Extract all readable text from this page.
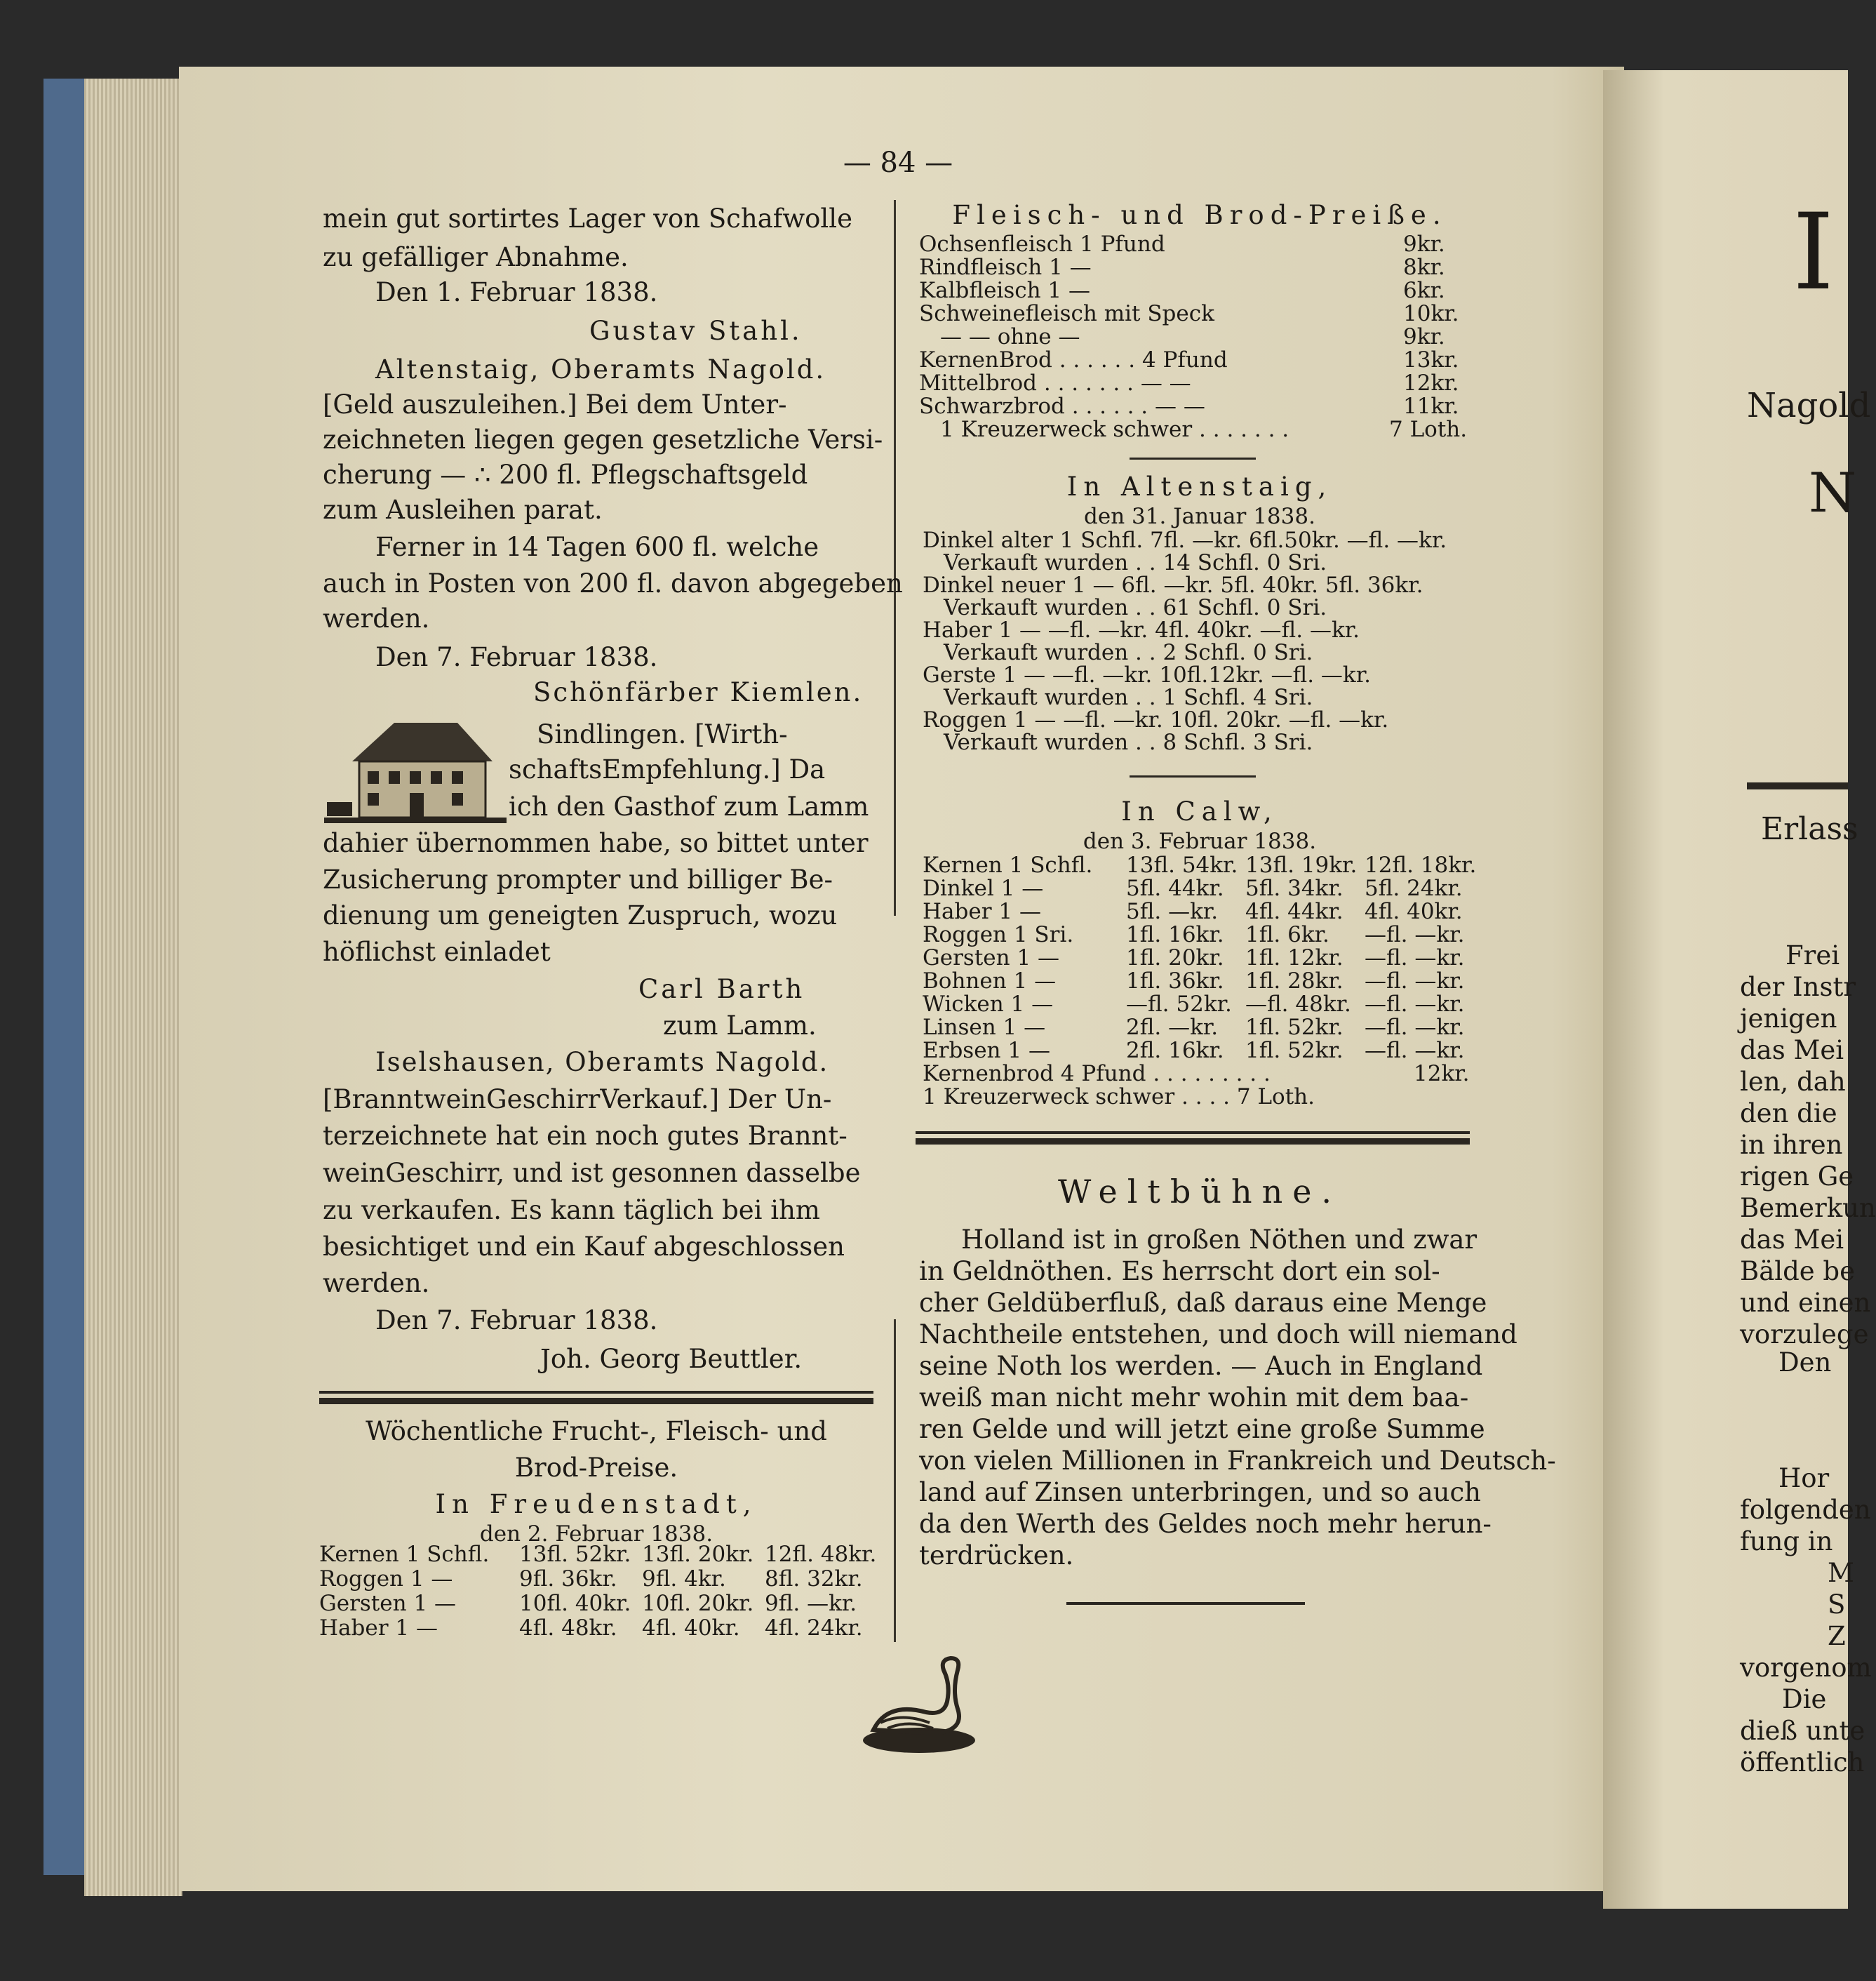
— 84 —
mein gut sortirtes Lager von Schafwolle
zu gefälliger Abnahme.
Den 1. Februar 1838.
Gustav Stahl.
Altenstaig, Oberamts Nagold.
[Geld auszuleihen.] Bei dem Unter-
zeichneten liegen gegen gesetzliche Versi-
cherung — ∴ 200 fl. Pflegschaftsgeld
zum Ausleihen parat.
Ferner in 14 Tagen 600 fl. welche
auch in Posten von 200 fl. davon abgegeben
werden.
Den 7. Februar 1838.
Schönfärber Kiemlen.
Sindlingen. [Wirth-
schaftsEmpfehlung.] Da
ich den Gasthof zum Lamm
dahier übernommen habe, so bittet unter
Zusicherung prompter und billiger Be-
dienung um geneigten Zuspruch, wozu
höflichst einladet
Carl Barth
zum Lamm.
Iselshausen, Oberamts Nagold.
[BranntweinGeschirrVerkauf.] Der Un-
terzeichnete hat ein noch gutes Brannt-
weinGeschirr, und ist gesonnen dasselbe
zu verkaufen. Es kann täglich bei ihm
besichtiget und ein Kauf abgeschlossen
werden.
Den 7. Februar 1838.
Joh. Georg Beuttler.
Wöchentliche Frucht-, Fleisch- und
Brod-Preise.
In Freudenstadt,
den 2. Februar 1838.
Kernen 1 Schfl. 13fl. 52kr. 13fl. 20kr. 12fl. 48kr.
Roggen 1 —	9fl. 36kr. 9fl. 4kr. 8fl. 32kr.
Gersten 1 —	10fl. 40kr. 10fl. 20kr. 9fl. —kr.
Haber 1 —	4fl. 48kr. 4fl. 40kr. 4fl. 24kr.
Fleisch- und Brod-Preiße.
Ochsenfleisch 1 Pfund	9kr.
Rindfleisch 1 —	8kr.
Kalbfleisch 1 —	6kr.
Schweinefleisch mit Speck	10kr.
— — ohne —	9kr.
KernenBrod . . . . . . 4 Pfund	13kr.
Mittelbrod . . . . . . . — —	12kr.
Schwarzbrod . . . . . . — —	11kr.
1 Kreuzerweck schwer . . . . . . .	7 Loth.
In Altenstaig,
den 31. Januar 1838.
Dinkel alter 1 Schfl. 7fl. —kr. 6fl.50kr. —fl. —kr.
Verkauft wurden . . 14 Schfl. 0 Sri.
Dinkel neuer 1 — 6fl. —kr. 5fl. 40kr. 5fl. 36kr.
Verkauft wurden . . 61 Schfl. 0 Sri.
Haber 1 — —fl. —kr. 4fl. 40kr. —fl. —kr.
Verkauft wurden . . 2 Schfl. 0 Sri.
Gerste 1 — —fl. —kr. 10fl.12kr. —fl. —kr.
Verkauft wurden . . 1 Schfl. 4 Sri.
Roggen 1 — —fl. —kr. 10fl. 20kr. —fl. —kr.
Verkauft wurden . . 8 Schfl. 3 Sri.
In Calw,
den 3. Februar 1838.
Kernen 1 Schfl. 13fl. 54kr. 13fl. 19kr. 12fl. 18kr.
Dinkel 1 —	5fl. 44kr. 5fl. 34kr. 5fl. 24kr.
Haber 1 —	5fl. —kr. 4fl. 44kr. 4fl. 40kr.
Roggen 1 Sri. 1fl. 16kr. 1fl. 6kr. —fl. —kr.
Gersten 1 —	1fl. 20kr. 1fl. 12kr. —fl. —kr.
Bohnen 1 —	1fl. 36kr. 1fl. 28kr. —fl. —kr.
Wicken 1 —	—fl. 52kr. —fl. 48kr. —fl. —kr.
Linsen 1 —	2fl. —kr. 1fl. 52kr. —fl. —kr.
Erbsen 1 —	2fl. 16kr. 1fl. 52kr. —fl. —kr.
Kernenbrod 4 Pfund . . . . . . . . .	12kr.
1 Kreuzerweck schwer . . . . 7 Loth.
Weltbühne.
Holland ist in großen Nöthen und zwar
in Geldnöthen. Es herrscht dort ein sol-
cher Geldüberfluß, daß daraus eine Menge
Nachtheile entstehen, und doch will niemand
seine Noth los werden. — Auch in England
weiß man nicht mehr wohin mit dem baa-
ren Gelde und will jetzt eine große Summe
von vielen Millionen in Frankreich und Deutsch-
land auf Zinsen unterbringen, und so auch
da den Werth des Geldes noch mehr herun-
terdrücken.
I
Nagold
N
Erlass
Frei
der Instr
jenigen
das Mei
len, dah
den die
in ihren
rigen Ge
Bemerkun
das Mei
Bälde be
und einen
vorzulege
Den
Hor
folgenden
fung in
M
S
Z
vorgenom
Die
dieß unte
öffentlich
